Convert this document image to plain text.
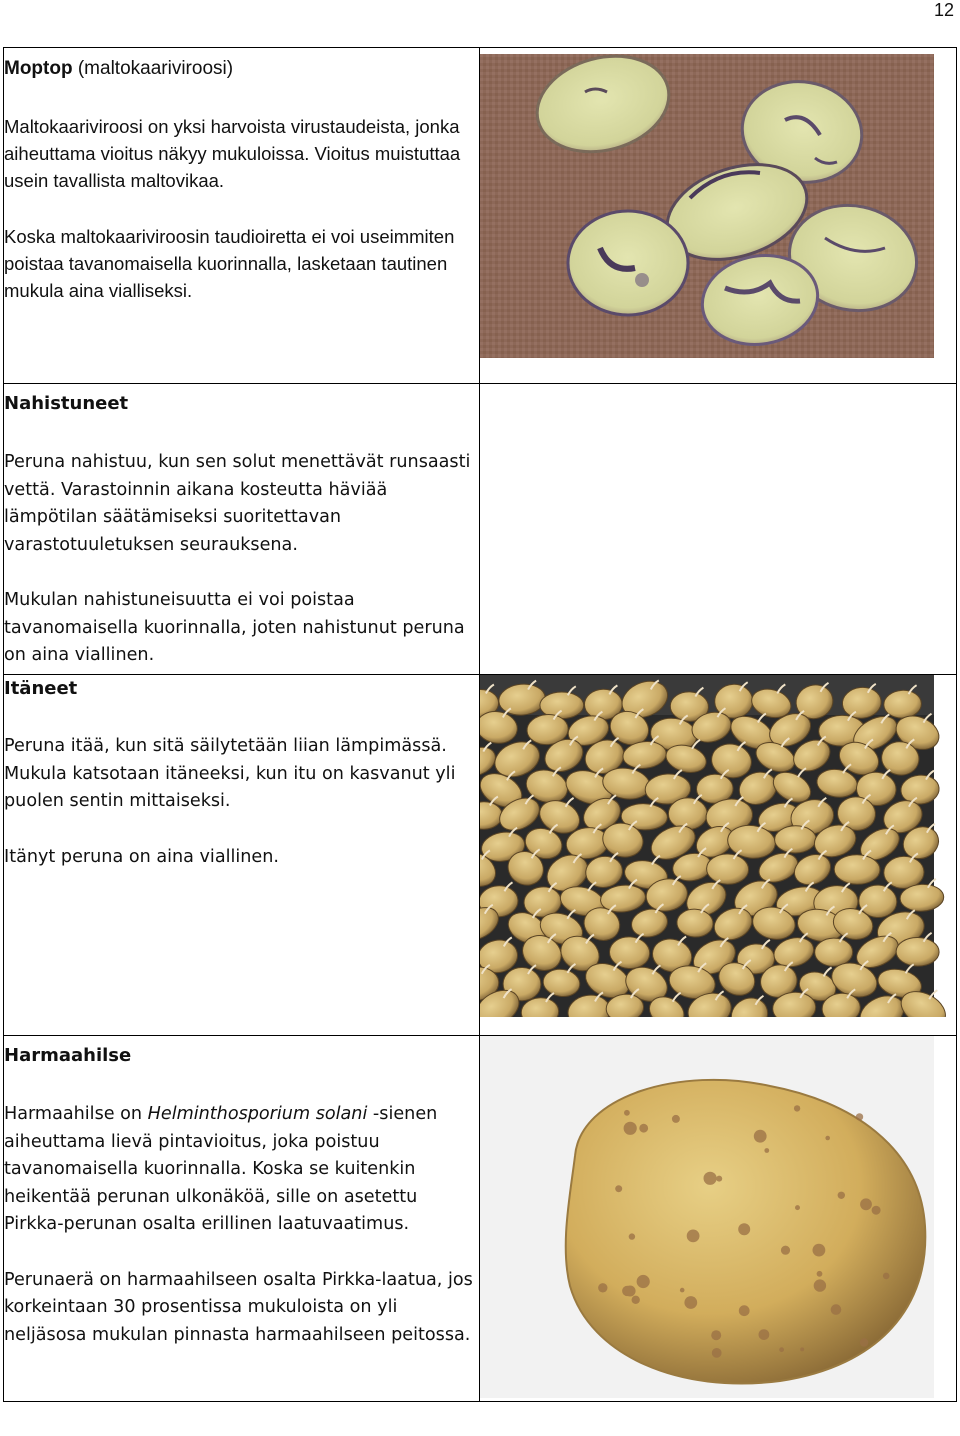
12

Moptop (maltokaariviroosi)

Maltokaariviroosi on yksi harvoista virustaudeista, jonka aiheuttama vioitus näkyy mukuloissa. Vioitus muistuttaa usein tavallista maltovikaa.

Koska maltokaariviroosin taudioiretta ei voi useimmiten poistaa tavanomaisella kuorinnalla, lasketaan tautinen mukula aina vialliseksi.

Nahistuneet

Peruna nahistuu, kun sen solut menettävät runsaasti vettä. Varastoinnin aikana kosteutta häviää lämpötilan säätämiseksi suoritettavan varastotuuletuksen seurauksena.

Mukulan nahistuneisuutta ei voi poistaa tavanomaisella kuorinnalla, joten nahistunut peruna on aina viallinen.	

Itäneet

Peruna itää, kun sitä säilytetään liian lämpimässä. Mukula katsotaan itäneeksi, kun itu on kasvanut yli puolen sentin mittaiseksi.

Itänyt peruna on aina viallinen.

Harmaahilse

Harmaahilse on Helminthosporium solani -sienen aiheuttama lievä pintavioitus, joka poistuu tavanomaisella kuorinnalla. Koska se kuitenkin heikentää perunan ulkonäköä, sille on asetettu Pirkka-perunan osalta erillinen laatuvaatimus.

Perunaerä on harmaahilseen osalta Pirkka-laatua, jos korkeintaan 30 prosentissa mukuloista on yli neljäsosa mukulan pinnasta harmaahilseen peitossa.
